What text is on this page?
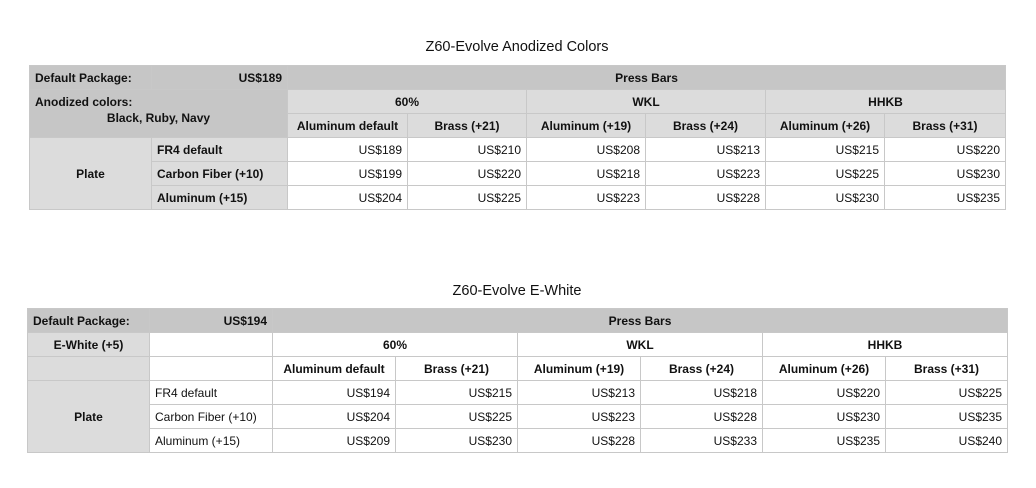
Z60-Evolve Anodized Colors
Default Package:	US$189	Press Bars					

Anodized colors:
Black, Ruby, Navy		60%		WKL		HHKB	
		Aluminum default	Brass (+21)	Aluminum (+19)	Brass (+24)	Aluminum (+26)	Brass (+31)
Plate	FR4 default	US$189	US$210	US$208	US$213	US$215	US$220
	Carbon Fiber (+10)	US$199	US$220	US$218	US$223	US$225	US$230
	Aluminum (+15)	US$204	US$225	US$223	US$228	US$230	US$235
Z60-Evolve E-White
Default Package:	US$194	Press Bars					
E-White (+5)		60%		WKL		HHKB	
		Aluminum default	Brass (+21)	Aluminum (+19)	Brass (+24)	Aluminum (+26)	Brass (+31)
Plate	FR4 default	US$194	US$215	US$213	US$218	US$220	US$225
	Carbon Fiber (+10)	US$204	US$225	US$223	US$228	US$230	US$235
	Aluminum (+15)	US$209	US$230	US$228	US$233	US$235	US$240
